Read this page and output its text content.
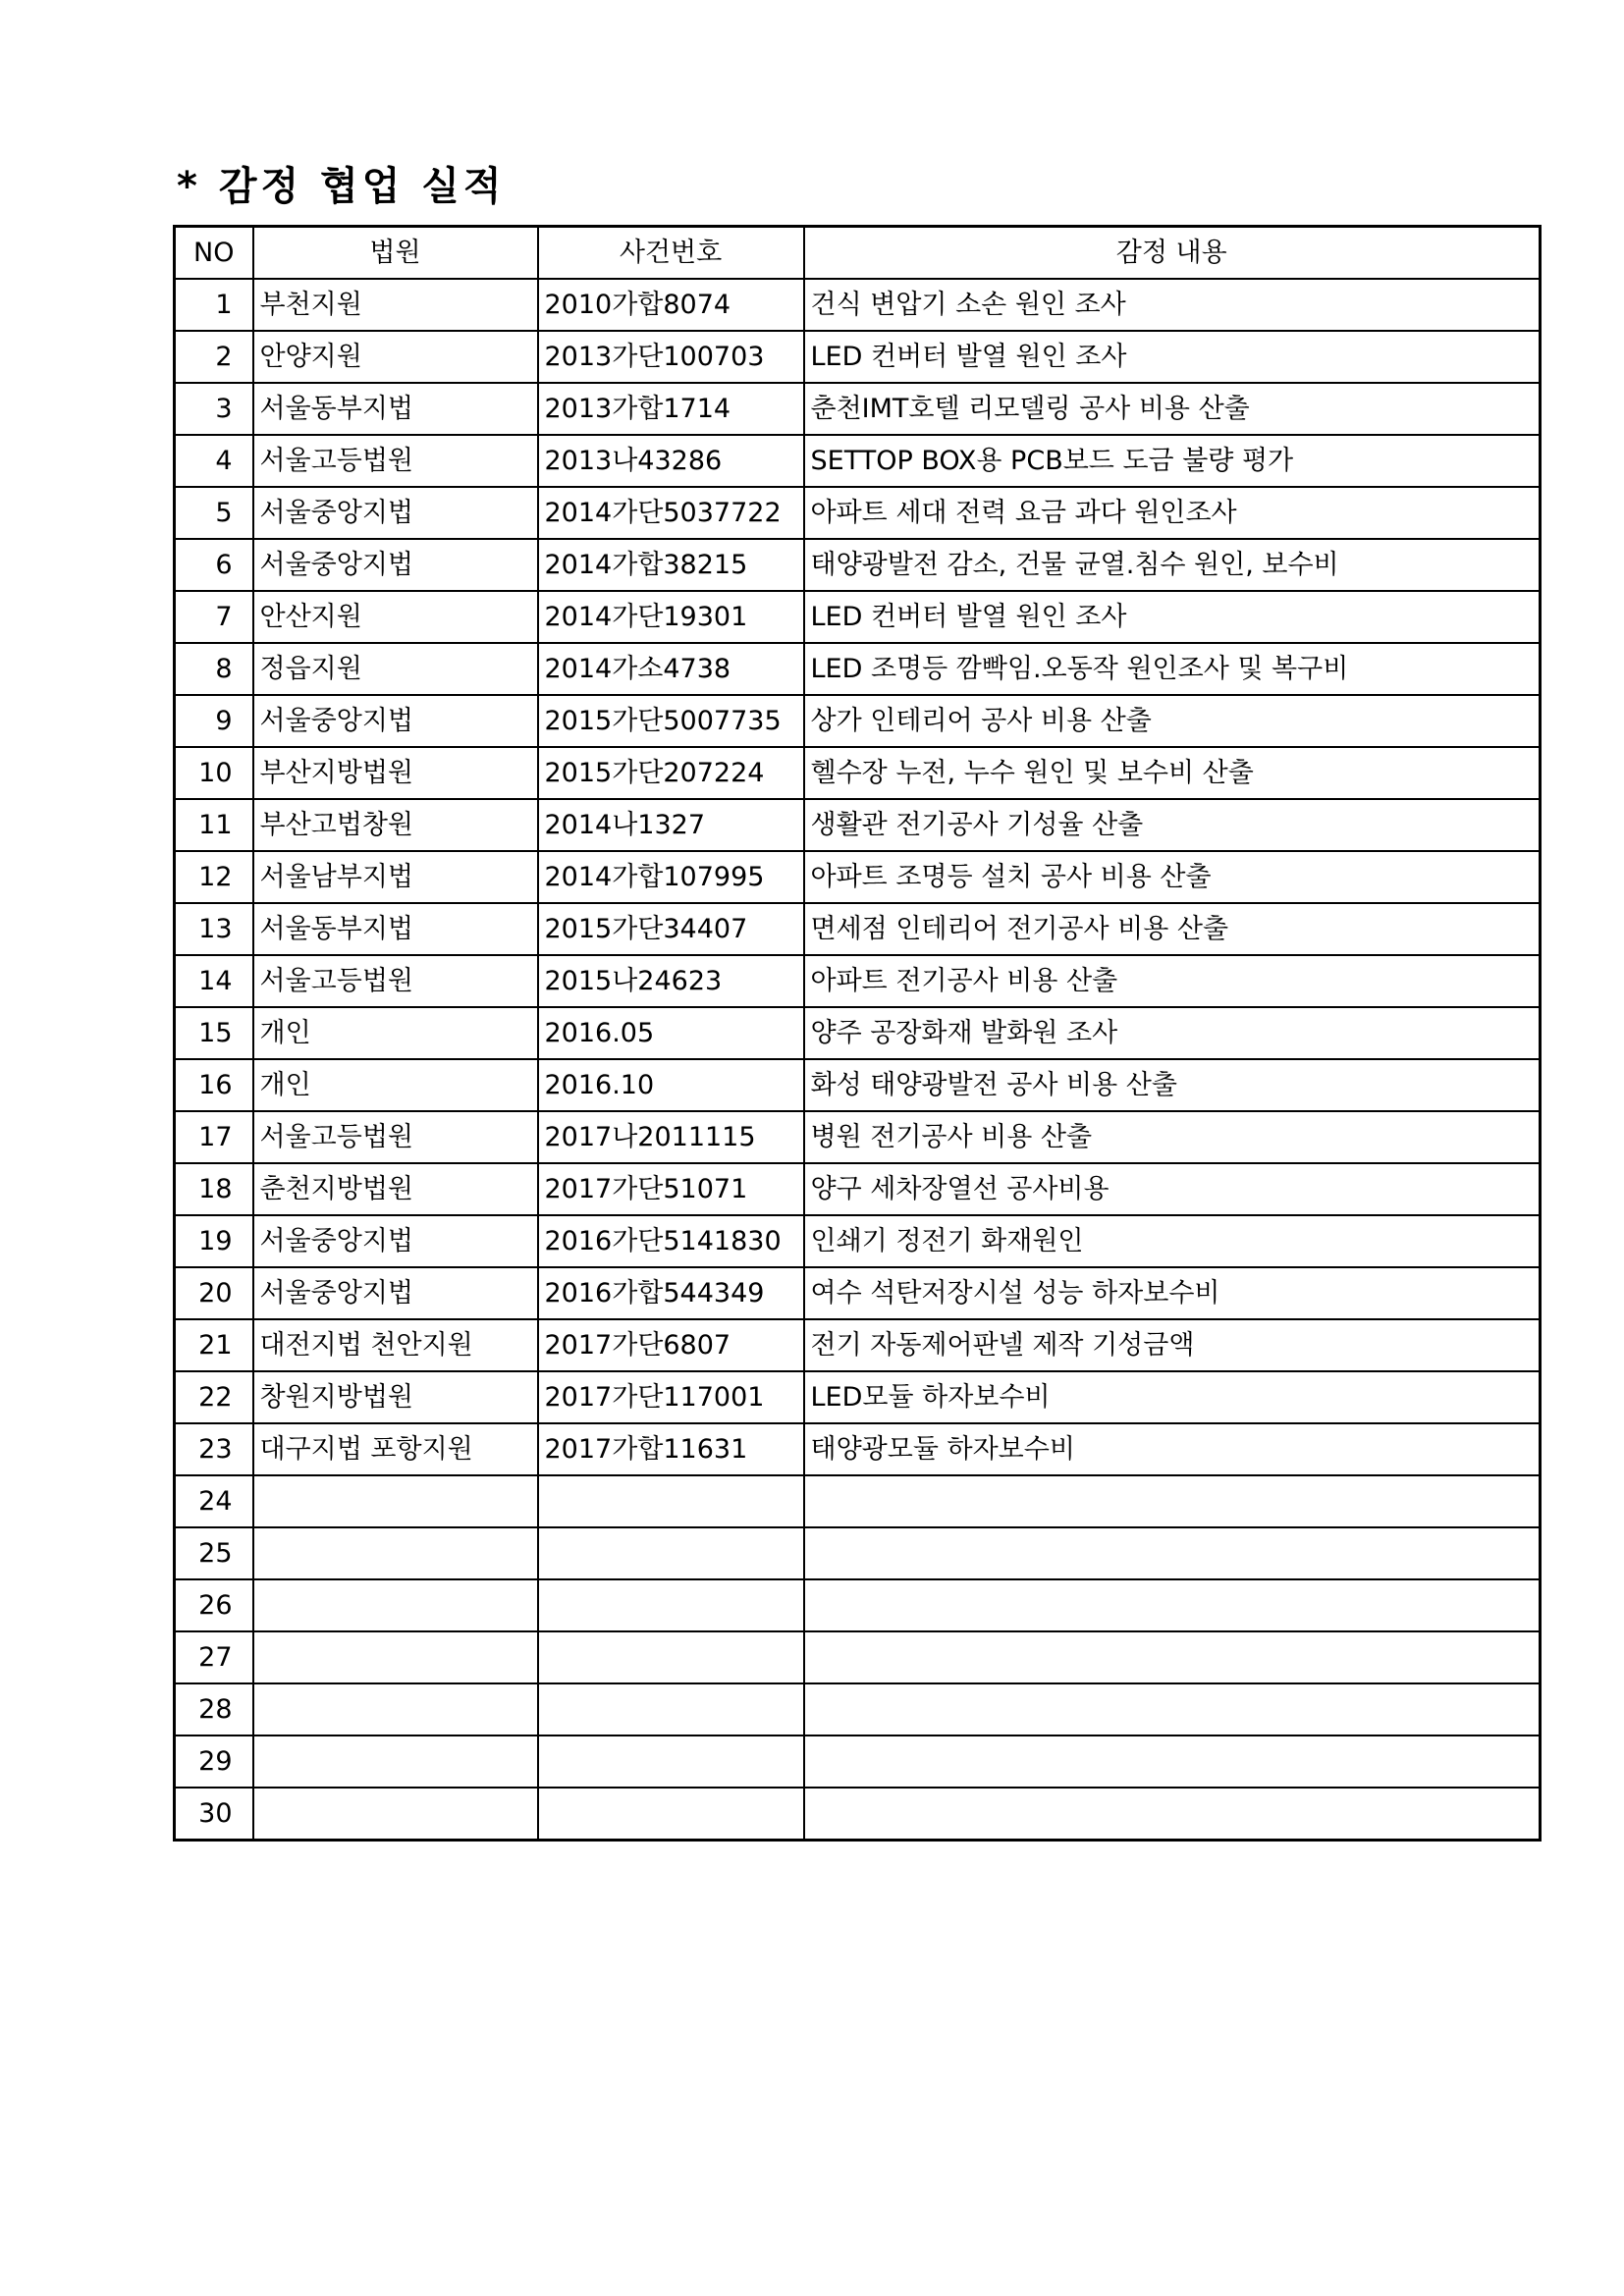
* 감정 협업 실적
NO	법원	사건번호	감정 내용
1	부천지원	2010가합8074	건식 변압기 소손 원인 조사
2	안양지원	2013가단100703	LED 컨버터 발열 원인 조사
3	서울동부지법	2013가합1714	춘천IMT호텔 리모델링 공사 비용 산출
4	서울고등법원	2013나43286	SETTOP BOX용 PCB보드 도금 불량 평가
5	서울중앙지법	2014가단5037722	아파트 세대 전력 요금 과다 원인조사
6	서울중앙지법	2014가합38215	태양광발전 감소, 건물 균열.침수 원인, 보수비
7	안산지원	2014가단19301	LED 컨버터 발열 원인 조사
8	정읍지원	2014가소4738	LED 조명등 깜빡임.오동작 원인조사 및 복구비
9	서울중앙지법	2015가단5007735	상가 인테리어 공사 비용 산출
10	부산지방법원	2015가단207224	헬수장 누전, 누수 원인 및 보수비 산출
11	부산고법창원	2014나1327	생활관 전기공사 기성율 산출
12	서울남부지법	2014가합107995	아파트 조명등 설치 공사 비용 산출
13	서울동부지법	2015가단34407	면세점 인테리어 전기공사 비용 산출
14	서울고등법원	2015나24623	아파트 전기공사 비용 산출
15	개인	2016.05	양주 공장화재 발화원 조사
16	개인	2016.10	화성 태양광발전 공사 비용 산출
17	서울고등법원	2017나2011115	병원 전기공사 비용 산출
18	춘천지방법원	2017가단51071	양구 세차장열선 공사비용
19	서울중앙지법	2016가단5141830	인쇄기 정전기 화재원인
20	서울중앙지법	2016가합544349	여수 석탄저장시설 성능 하자보수비
21	대전지법 천안지원	2017가단6807	전기 자동제어판넬 제작 기성금액
22	창원지방법원	2017가단117001	LED모듈 하자보수비
23	대구지법 포항지원	2017가합11631	태양광모듈 하자보수비
24			
25			
26			
27			
28			
29			
30			
